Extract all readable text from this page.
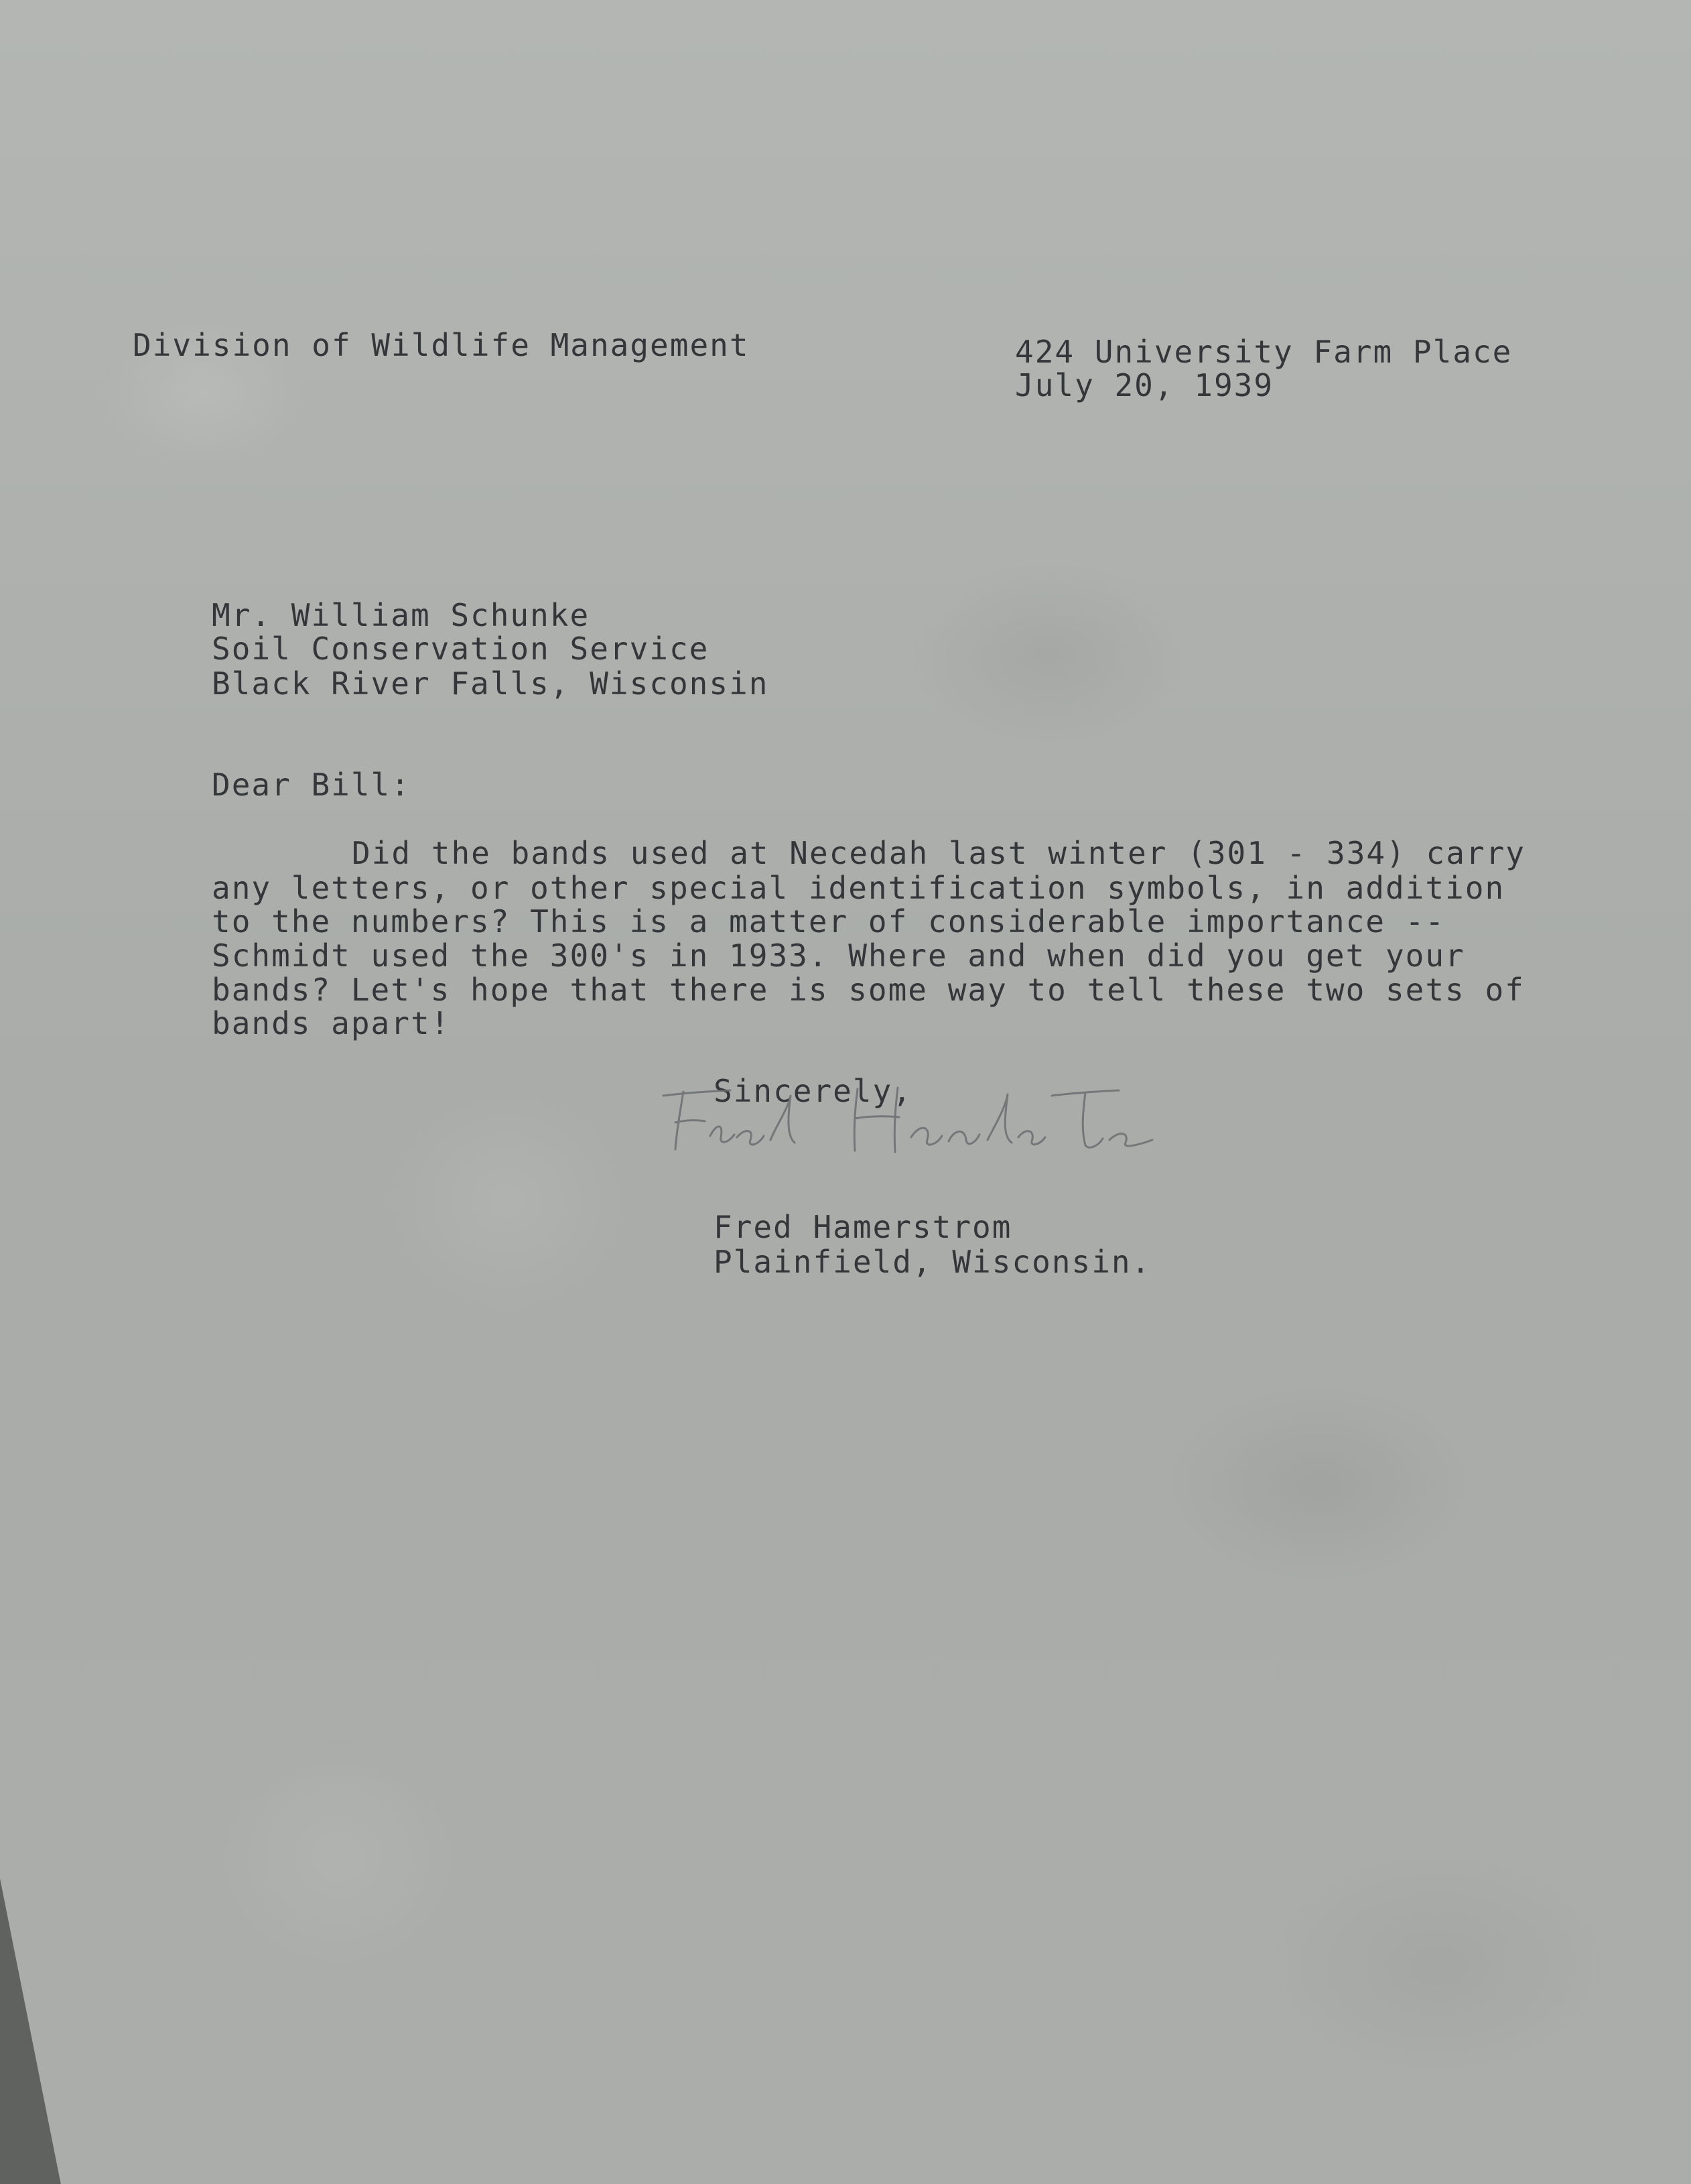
Division of Wildlife Management	424 University Farm Place
July 20, 1939
Mr. William Schunke
Soil Conservation Service
Black River Falls, Wisconsin
Dear Bill:
Did the bands used at Necedah last winter (301 - 334) carry
any letters, or other special identification symbols, in addition
to the numbers? This is a matter of considerable importance --
Schmidt used the 300's in 1933. Where and when did you get your
bands? Let's hope that there is some way to tell these two sets of
bands apart!
Sincerely,
Fred Hamerstrom
Plainfield, Wisconsin.
